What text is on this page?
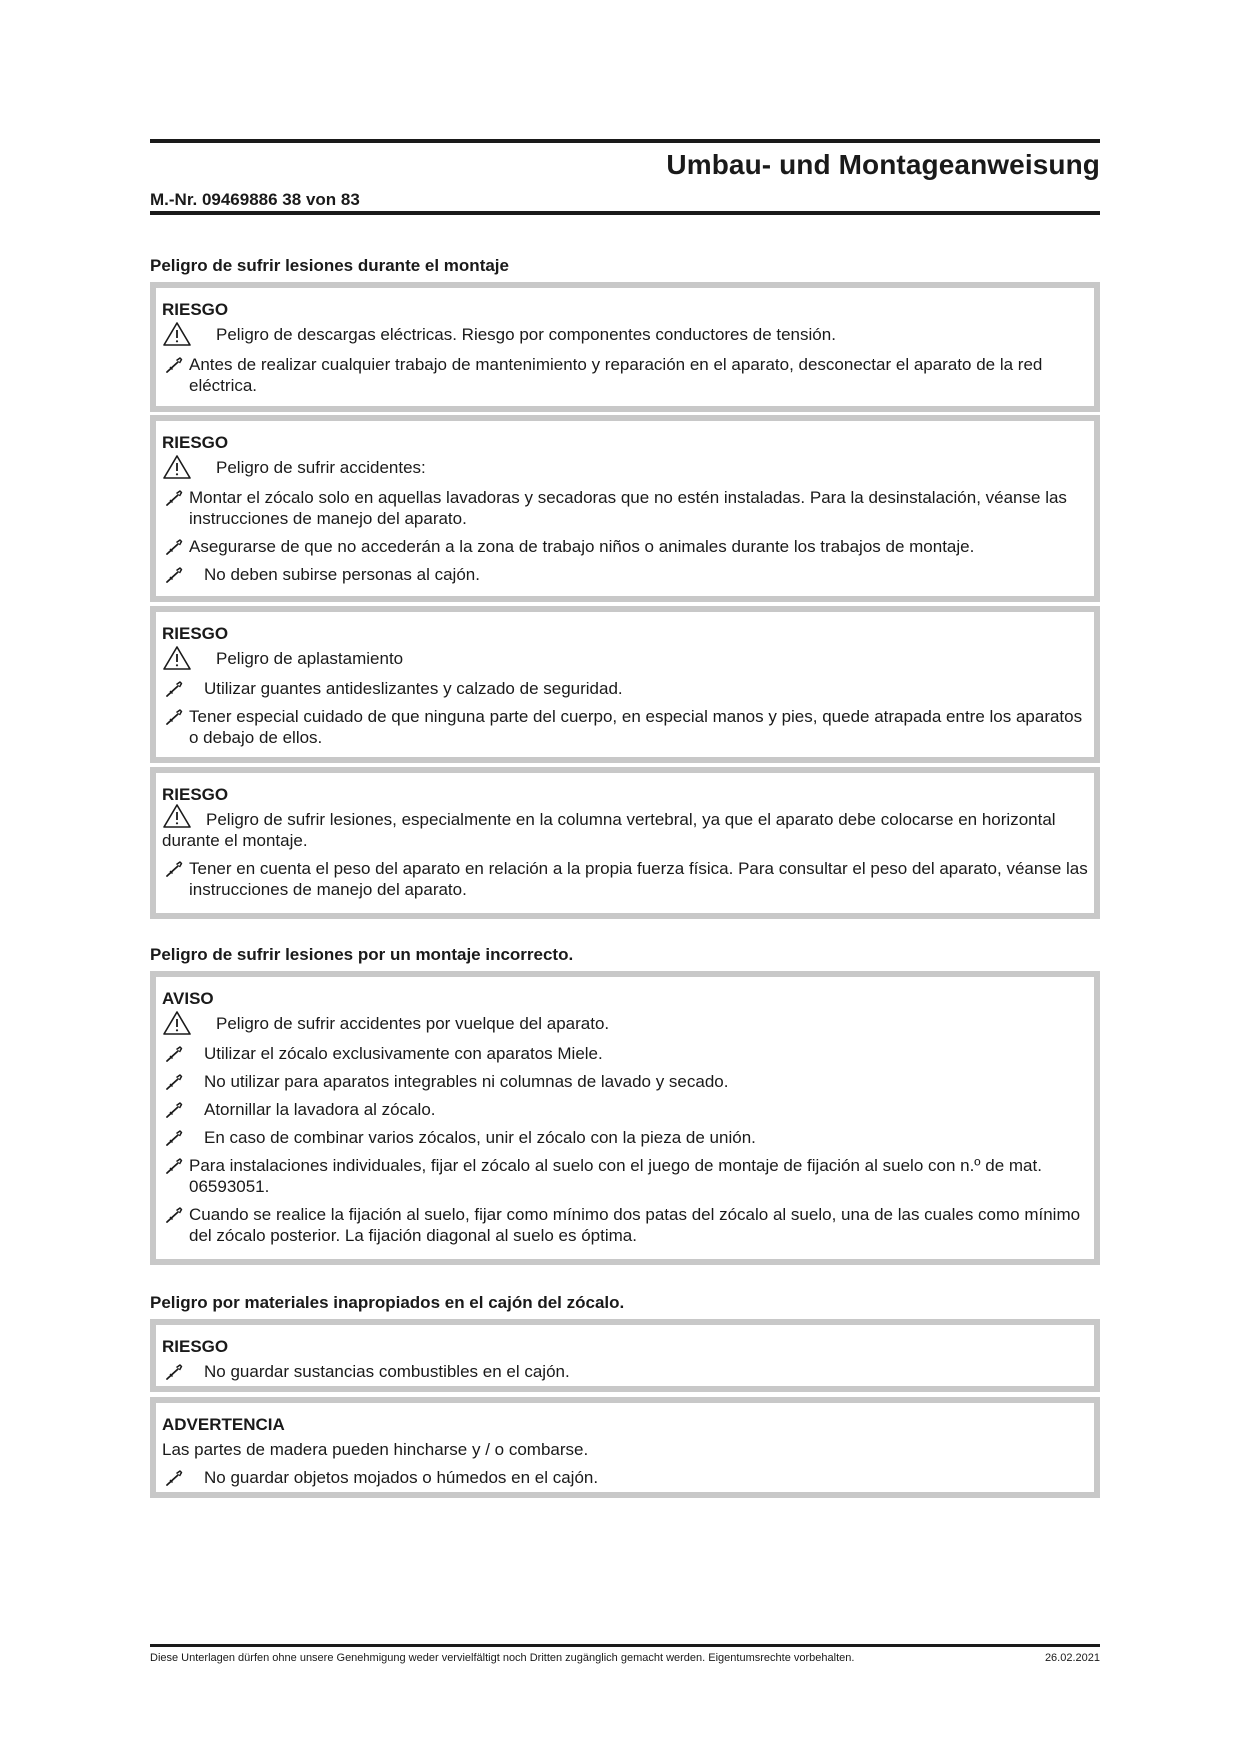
Umbau- und Montageanweisung
M.-Nr. 09469886 38 von 83
Peligro de sufrir lesiones durante el montaje
RIESGO
Peligro de descargas eléctricas. Riesgo por componentes conductores de tensión.
Antes de realizar cualquier trabajo de mantenimiento y reparación en el aparato, desconectar el aparato de la red eléctrica.
RIESGO
Peligro de sufrir accidentes:
Montar el zócalo solo en aquellas lavadoras y secadoras que no estén instaladas. Para la desinstalación, véanse las instrucciones de manejo del aparato.
Asegurarse de que no accederán a la zona de trabajo niños o animales durante los trabajos de montaje.
No deben subirse personas al cajón.
RIESGO
Peligro de aplastamiento
Utilizar guantes antideslizantes y calzado de seguridad.
Tener especial cuidado de que ninguna parte del cuerpo, en especial manos y pies, quede atrapada entre los aparatos o debajo de ellos.
RIESGO
Peligro de sufrir lesiones, especialmente en la columna vertebral, ya que el aparato debe colocarse en horizontal durante el montaje.
Tener en cuenta el peso del aparato en relación a la propia fuerza física. Para consultar el peso del aparato, véanse las instrucciones de manejo del aparato.
Peligro de sufrir lesiones por un montaje incorrecto.
AVISO
Peligro de sufrir accidentes por vuelque del aparato.
Utilizar el zócalo exclusivamente con aparatos Miele.
No utilizar para aparatos integrables ni columnas de lavado y secado.
Atornillar la lavadora al zócalo.
En caso de combinar varios zócalos, unir el zócalo con la pieza de unión.
Para instalaciones individuales, fijar el zócalo al suelo con el juego de montaje de fijación al suelo con n.º de mat. 06593051.
Cuando se realice la fijación al suelo, fijar como mínimo dos patas del zócalo al suelo, una de las cuales como mínimo del zócalo posterior. La fijación diagonal al suelo es óptima.
Peligro por materiales inapropiados en el cajón del zócalo.
RIESGO
No guardar sustancias combustibles en el cajón.
ADVERTENCIA
Las partes de madera pueden hincharse y / o combarse.
No guardar objetos mojados o húmedos en el cajón.
Diese Unterlagen dürfen ohne unsere Genehmigung weder vervielfältigt noch Dritten zugänglich gemacht werden. Eigentumsrechte vorbehalten.	26.02.2021
